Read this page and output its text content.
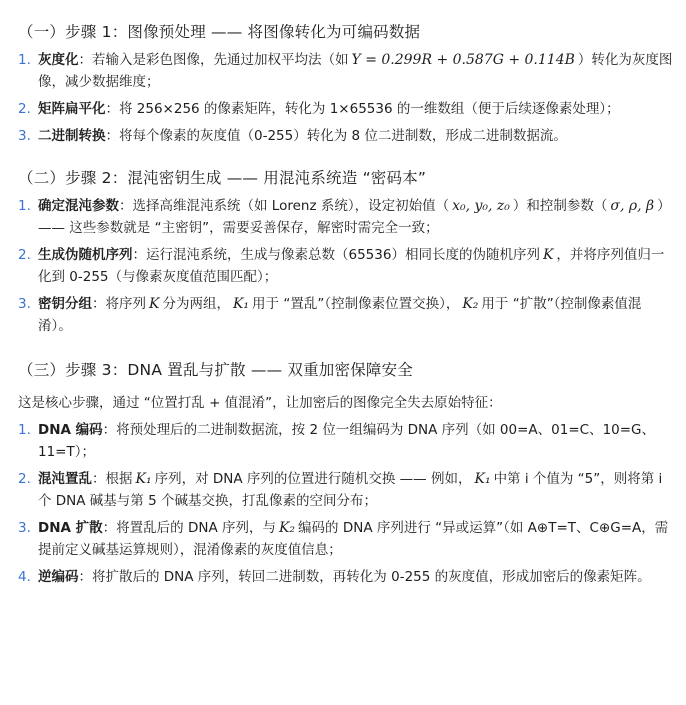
（一）步骤 1：图像预处理 —— 将图像转化为可编码数据
1. 灰度化：若输入是彩色图像，先通过加权平均法（如 Y = 0.299R + 0.587G + 0.114B ）转化为灰度图像，减少数据维度；
2. 矩阵扁平化：将 256×256 的像素矩阵，转化为 1×65536 的一维数组（便于后续逐像素处理）；
3. 二进制转换：将每个像素的灰度值（0-255）转化为 8 位二进制数，形成二进制数据流。
（二）步骤 2：混沌密钥生成 —— 用混沌系统造 “密码本”
1. 确定混沌参数：选择高维混沌系统（如 Lorenz 系统），设定初始值（ x₀, y₀, z₀ ）和控制参数（ σ, ρ, β ）—— 这些参数就是 “主密钥”，需要妥善保存，解密时需完全一致；
2. 生成伪随机序列：运行混沌系统，生成与像素总数（65536）相同长度的伪随机序列 K ，并将序列值归一化到 0-255（与像素灰度值范围匹配）；
3. 密钥分组：将序列 K 分为两组， K₁ 用于 “置乱”（控制像素位置交换）， K₂ 用于 “扩散”（控制像素值混淆）。
（三）步骤 3：DNA 置乱与扩散 —— 双重加密保障安全

这是核心步骤，通过 “位置打乱 + 值混淆”，让加密后的图像完全失去原始特征：

1. DNA 编码：将预处理后的二进制数据流，按 2 位一组编码为 DNA 序列（如 00=A、01=C、10=G、11=T）；
2. 混沌置乱：根据 K₁ 序列，对 DNA 序列的位置进行随机交换 —— 例如， K₁ 中第 i 个值为 “5”，则将第 i 个 DNA 碱基与第 5 个碱基交换，打乱像素的空间分布；
3. DNA 扩散：将置乱后的 DNA 序列，与 K₂ 编码的 DNA 序列进行 “异或运算”（如 A⊕T=T、C⊕G=A，需提前定义碱基运算规则），混淆像素的灰度值信息；
4. 逆编码：将扩散后的 DNA 序列，转回二进制数，再转化为 0-255 的灰度值，形成加密后的像素矩阵。
